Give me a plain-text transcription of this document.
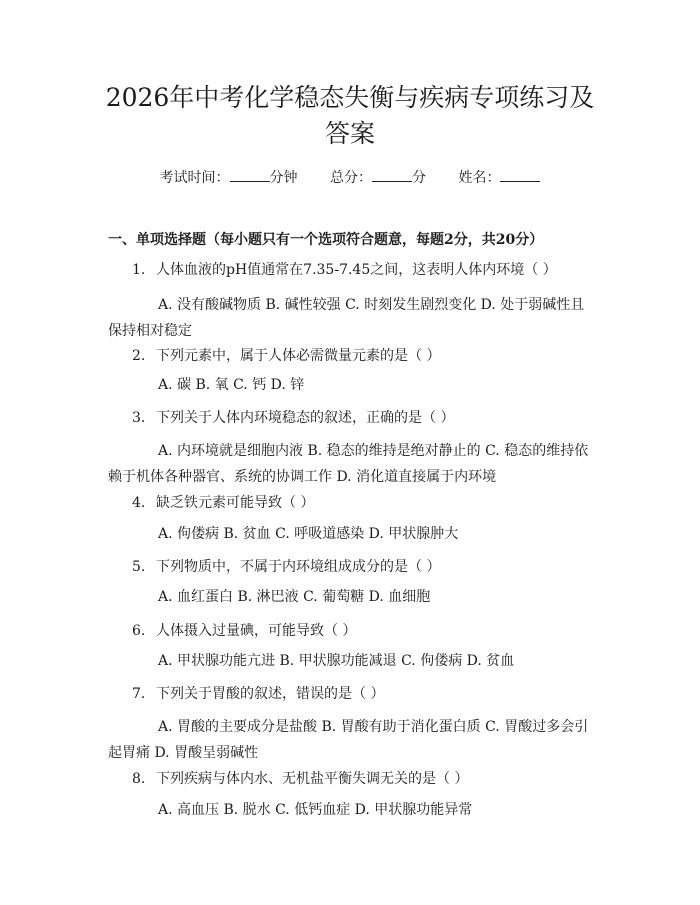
2026年中考化学稳态失衡与疾病专项练习及
答案
考试时间：	分钟 总分：	分 姓名：
一、单项选择题（每小题只有一个选项符合题意，每题2分，共20分）
1. 人体血液的pH值通常在7.35-7.45之间，这表明人体内环境（ ）
A. 没有酸碱物质 B. 碱性较强 C. 时刻发生剧烈变化 D. 处于弱碱性且
保持相对稳定
2. 下列元素中，属于人体必需微量元素的是（ ）
A. 碳 B. 氧 C. 钙 D. 锌
3. 下列关于人体内环境稳态的叙述，正确的是（ ）
A. 内环境就是细胞内液 B. 稳态的维持是绝对静止的 C. 稳态的维持依
赖于机体各种器官、系统的协调工作 D. 消化道直接属于内环境
4. 缺乏铁元素可能导致（ ）
A. 佝偻病 B. 贫血 C. 呼吸道感染 D. 甲状腺肿大
5. 下列物质中，不属于内环境组成成分的是（ ）
A. 血红蛋白 B. 淋巴液 C. 葡萄糖 D. 血细胞
6. 人体摄入过量碘，可能导致（ ）
A. 甲状腺功能亢进 B. 甲状腺功能减退 C. 佝偻病 D. 贫血
7. 下列关于胃酸的叙述，错误的是（ ）
A. 胃酸的主要成分是盐酸 B. 胃酸有助于消化蛋白质 C. 胃酸过多会引
起胃痛 D. 胃酸呈弱碱性
8. 下列疾病与体内水、无机盐平衡失调无关的是（ ）
A. 高血压 B. 脱水 C. 低钙血症 D. 甲状腺功能异常
